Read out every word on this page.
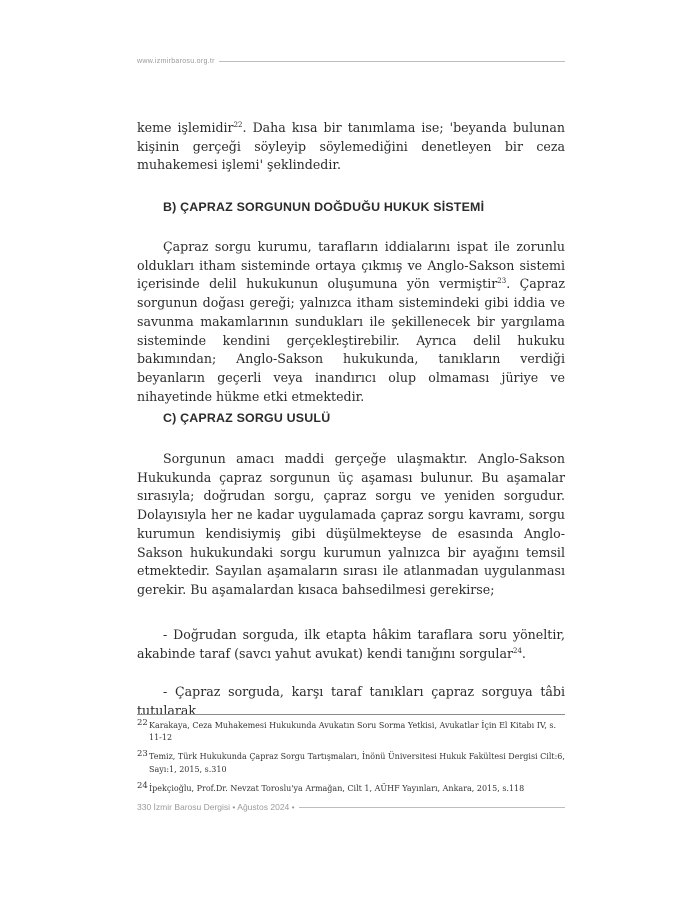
www.izmirbarosu.org.tr

keme işlemidir$^{22}$. Daha kısa bir tanımlama ise; 'beyanda bulunan kişinin gerçeği söyleyip söylemediğini denetleyen bir ceza muhakemesi işlemi' şeklindedir.

B) ÇAPRAZ SORGUNUN DOĞDUĞU HUKUK SİSTEMİ

Çapraz sorgu kurumu, tarafların iddialarını ispat ile zorunlu oldukları itham sisteminde ortaya çıkmış ve Anglo-Sakson sistemi içerisinde delil hukukunun oluşumuna yön vermiştir$^{23}$. Çapraz sorgunun doğası gereği; yalnızca itham sistemindeki gibi iddia ve savunma makamlarının sundukları ile şekillenecek bir yargılama sisteminde kendini gerçekleştirebilir. Ayrıca delil hukuku bakımından; Anglo-Sakson hukukunda, tanıkların verdiği beyanların geçerli veya inandırıcı olup olmaması jüriye ve nihayetinde hükme etki etmektedir.

C) ÇAPRAZ SORGU USULÜ

Sorgunun amacı maddi gerçeğe ulaşmaktır. Anglo-Sakson Hukukunda çapraz sorgunun üç aşaması bulunur. Bu aşamalar sırasıyla; doğrudan sorgu, çapraz sorgu ve yeniden sorgudur. Dolayısıyla her ne kadar uygulamada çapraz sorgu kavramı, sorgu kurumun kendisiymiş gibi düşülmekteyse de esasında Anglo-Sakson hukukundaki sorgu kurumun yalnızca bir ayağını temsil etmektedir. Sayılan aşamaların sırası ile atlanmadan uygulanması gerekir. Bu aşamalardan kısaca bahsedilmesi gerekirse;

- Doğrudan sorguda, ilk etapta hâkim taraflara soru yöneltir, akabinde taraf (savcı yahut avukat) kendi tanığını sorgular$^{24}$.

- Çapraz sorguda, karşı taraf tanıkları çapraz sorguya tâbi tutularak

22 Karakaya, Ceza Muhakemesi Hukukunda Avukatın Soru Sorma Yetkisi, Avukatlar İçin El Kitabı IV, s. 11-12

23 Temiz, Türk Hukukunda Çapraz Sorgu Tartışmaları, İnönü Üniversitesi Hukuk Fakültesi Dergisi Cilt:6, Sayı:1, 2015, s.310

24 İpekçioğlu, Prof.Dr. Nevzat Toroslu'ya Armağan, Cilt 1, AÜHF Yayınları, Ankara, 2015, s.118

330 İzmir Barosu Dergisi • Ağustos 2024 •
